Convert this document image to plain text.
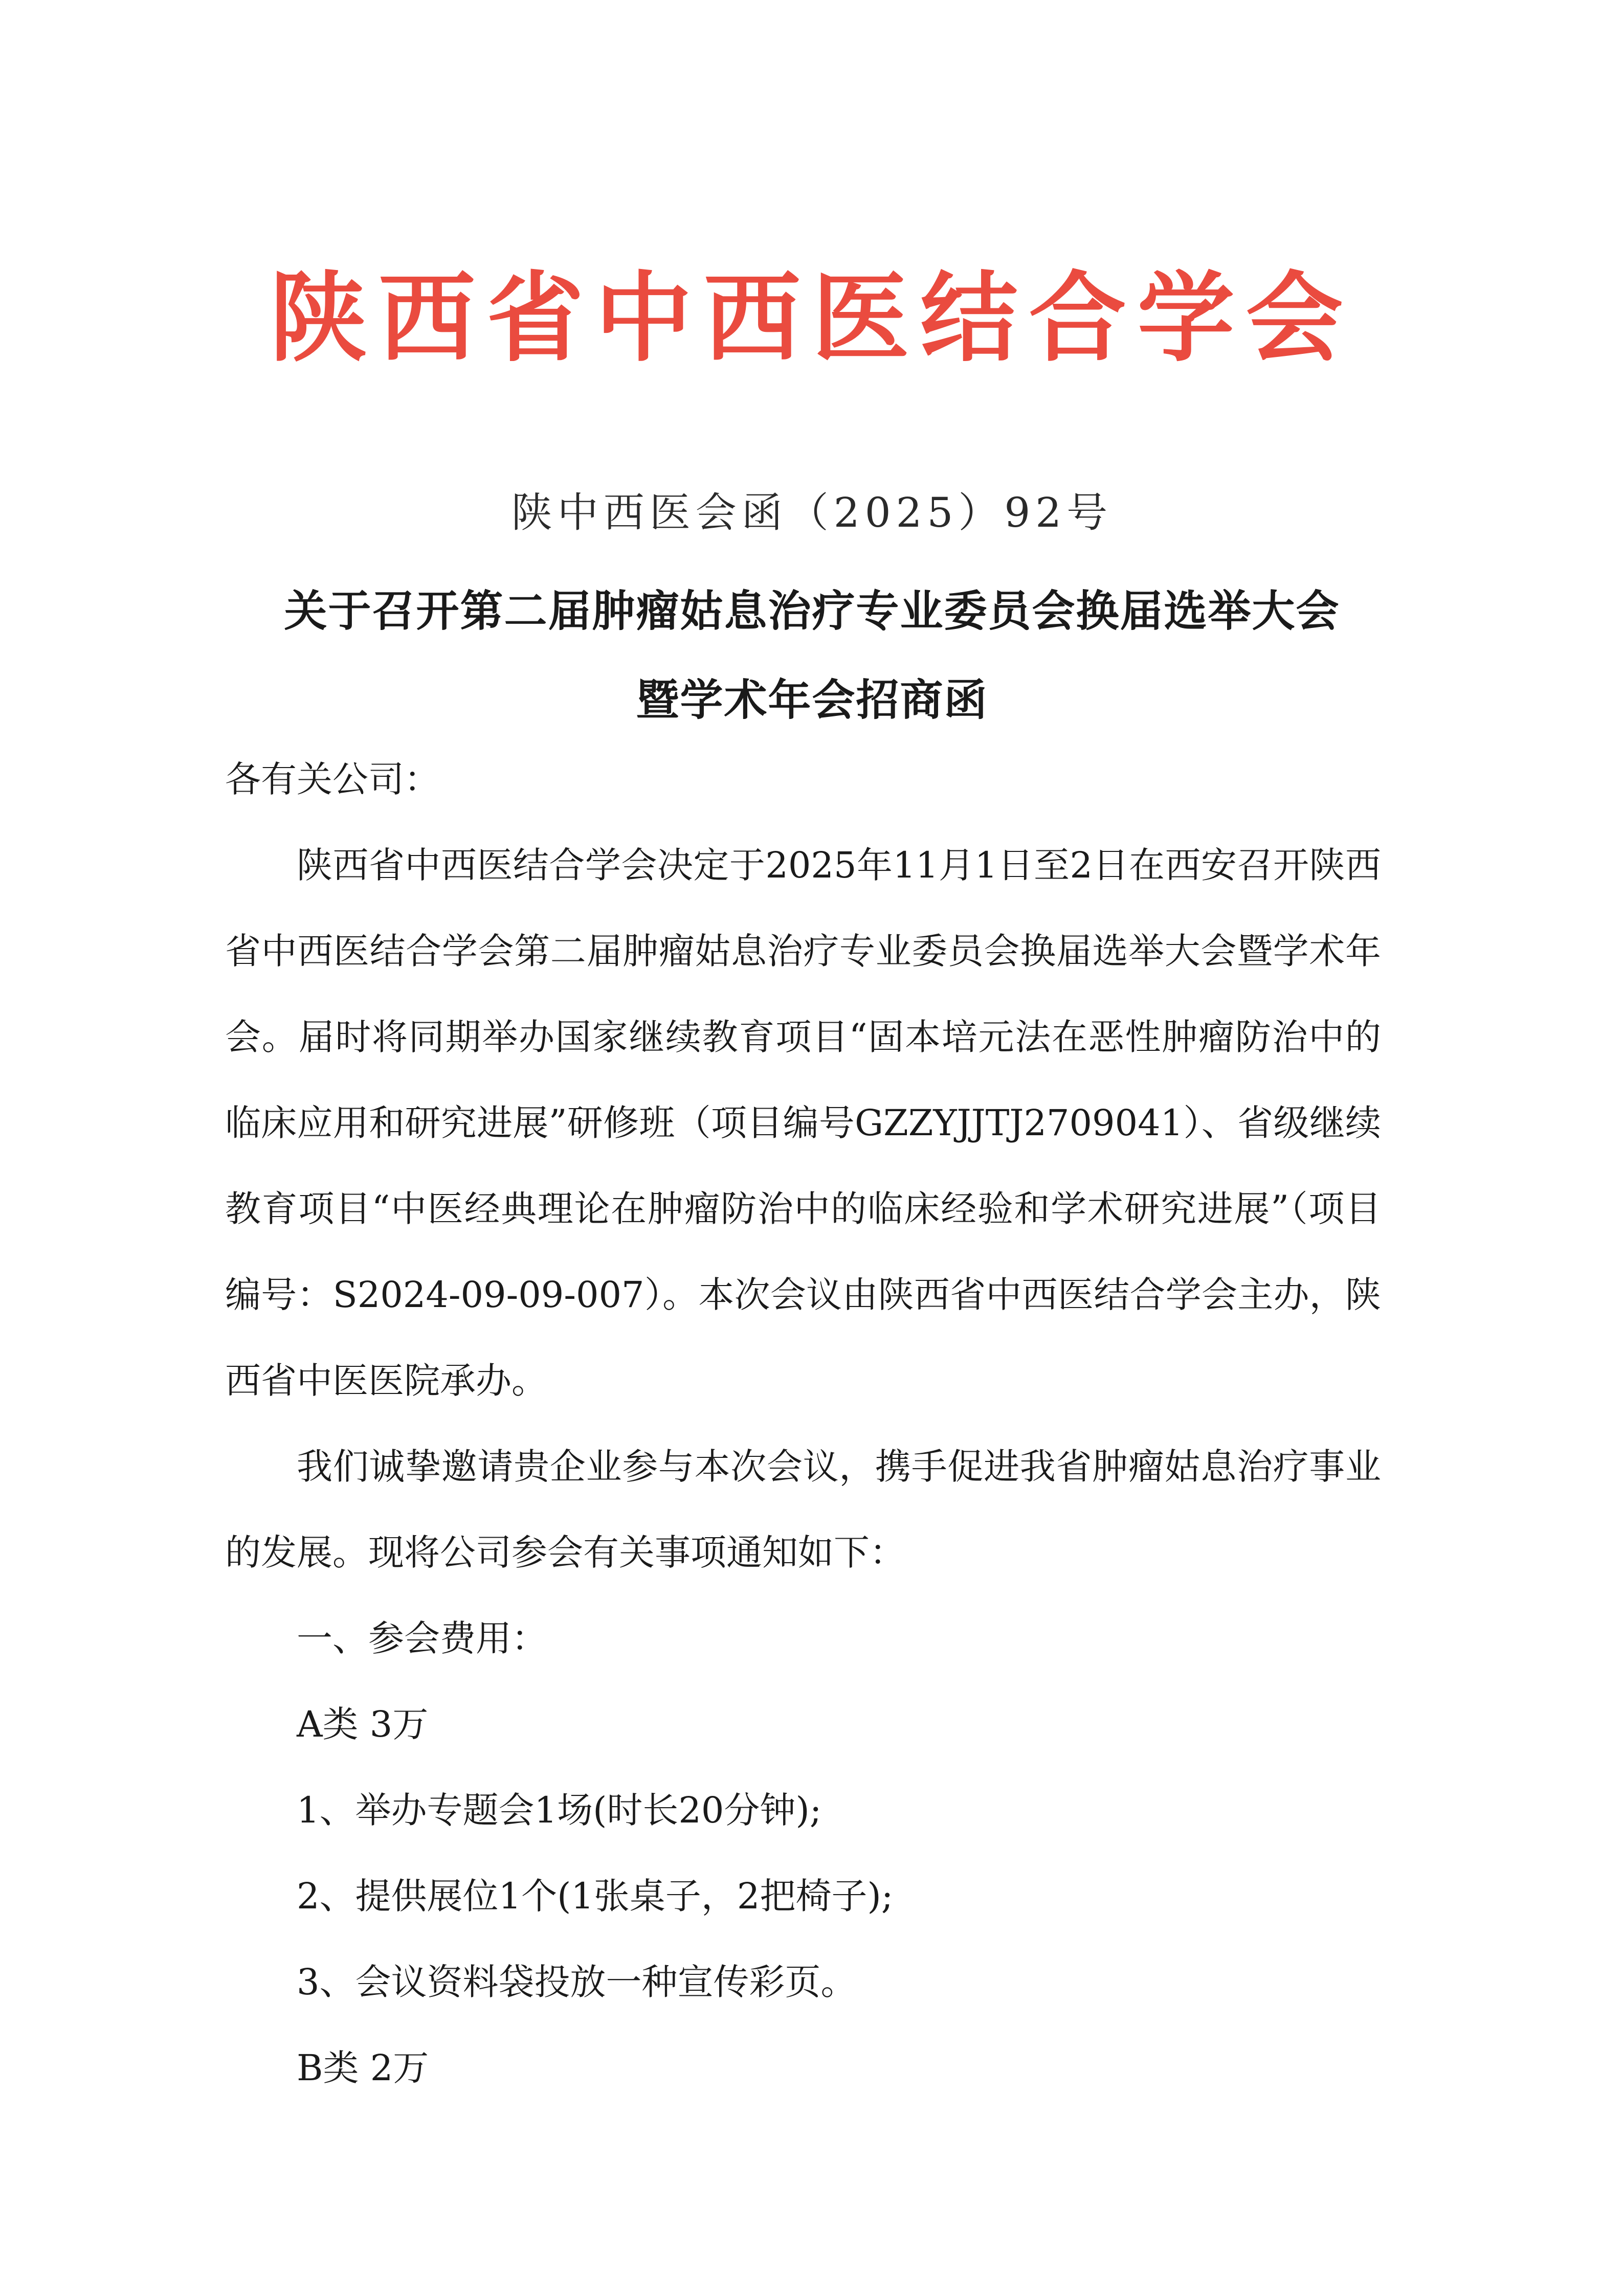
陕西省中西医结合学会
陕中西医会函（2025）92号
关于召开第二届肿瘤姑息治疗专业委员会换届选举大会
暨学术年会招商函
各有关公司：
陕西省中西医结合学会决定于2025年11月1日至2日在西安召开陕西省中西医结合学会第二届肿瘤姑息治疗专业委员会换届选举大会暨学术年会。届时将同期举办国家继续教育项目“固本培元法在恶性肿瘤防治中的临床应用和研究进展”研修班（项目编号GZZYJJTJ2709041）、省级继续教育项目“中医经典理论在肿瘤防治中的临床经验和学术研究进展”（项目编号：S2024-09-09-007）。本次会议由陕西省中西医结合学会主办，陕西省中医医院承办。
我们诚挚邀请贵企业参与本次会议，携手促进我省肿瘤姑息治疗事业的发展。现将公司参会有关事项通知如下：
一、参会费用：
A类 3万
1、举办专题会1场(时长20分钟);
2、提供展位1个(1张桌子，2把椅子);
3、会议资料袋投放一种宣传彩页。
B类 2万
